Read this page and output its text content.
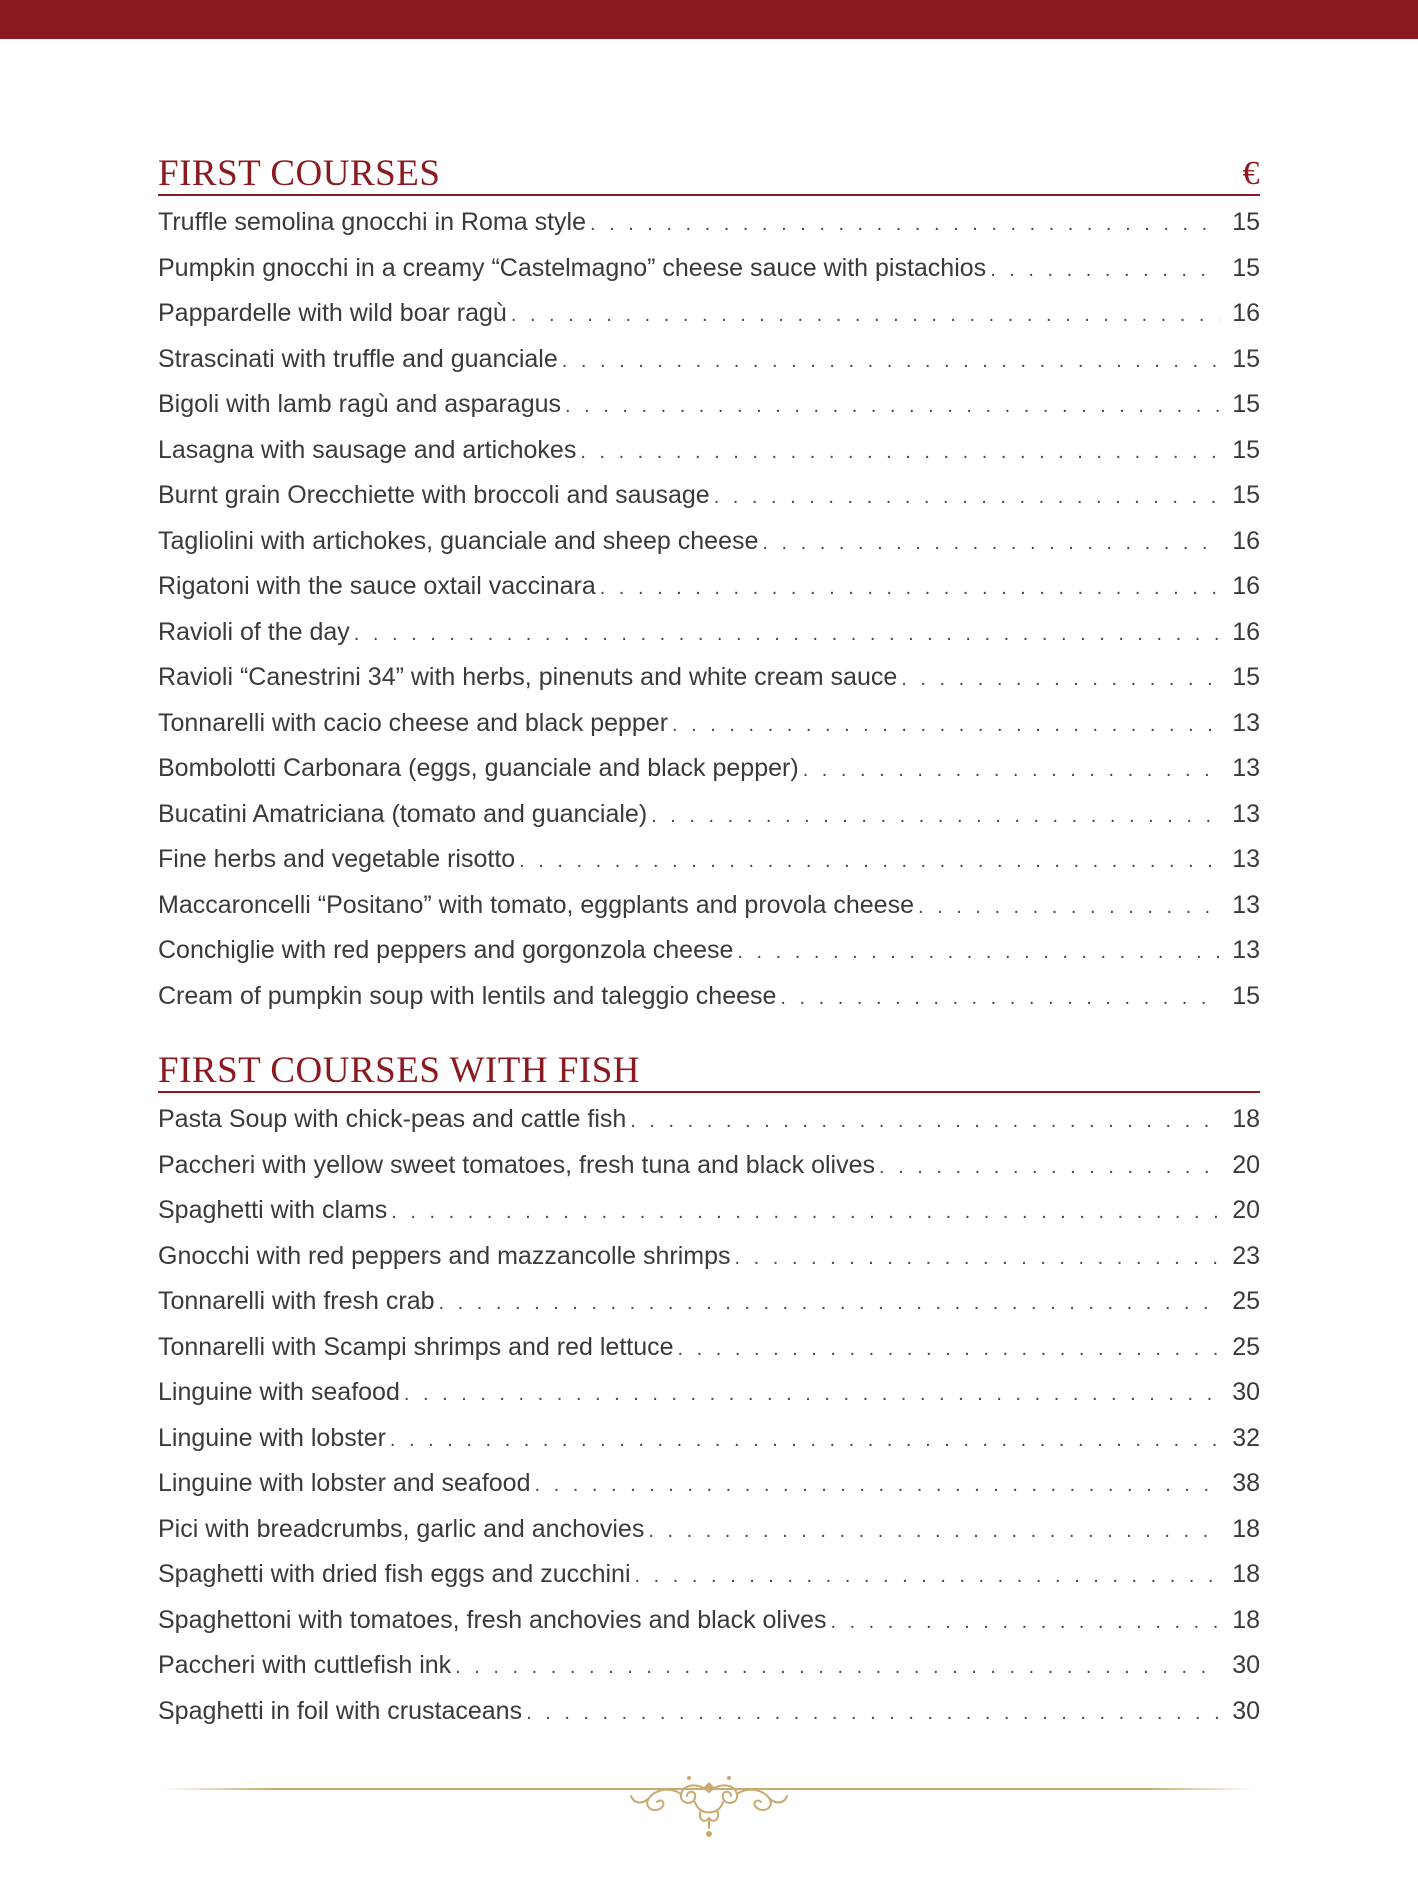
FIRST COURSES	€
Truffle semolina gnocchi in Roma style . . .	15
Pumpkin gnocchi in a creamy “Castelmagno” cheese sauce with pistachios . . .	15
Pappardelle with wild boar ragù . . .	16
Strascinati with truffle and guanciale . . .	15
Bigoli with lamb ragù and asparagus . . .	15
Lasagna with sausage and artichokes . . .	15
Burnt grain Orecchiette with broccoli and sausage . . .	15
Tagliolini with artichokes, guanciale and sheep cheese . . .	16
Rigatoni with the sauce oxtail vaccinara . . .	16
Ravioli of the day . . .	16
Ravioli “Canestrini 34” with herbs, pinenuts and white cream sauce . . .	15
Tonnarelli with cacio cheese and black pepper . . .	13
Bombolotti Carbonara (eggs, guanciale and black pepper) . . .	13
Bucatini Amatriciana (tomato and guanciale) . . .	13
Fine herbs and vegetable risotto . . .	13
Maccaroncelli “Positano” with tomato, eggplants and provola cheese . . .	13
Conchiglie with red peppers and gorgonzola cheese . . .	13
Cream of pumpkin soup with lentils and taleggio cheese . . .	15
FIRST COURSES WITH FISH
Pasta Soup with chick-peas and cattle fish . . .	18
Paccheri with yellow sweet tomatoes, fresh tuna and black olives . . .	20
Spaghetti with clams . . .	20
Gnocchi with red peppers and mazzancolle shrimps . . .	23
Tonnarelli with fresh crab . . .	25
Tonnarelli with Scampi shrimps and red lettuce . . .	25
Linguine with seafood . . .	30
Linguine with lobster . . .	32
Linguine with lobster and seafood . . .	38
Pici with breadcrumbs, garlic and anchovies . . .	18
Spaghetti with dried fish eggs and zucchini . . .	18
Spaghettoni with tomatoes, fresh anchovies and black olives . . .	18
Paccheri with cuttlefish ink . . .	30
Spaghetti in foil with crustaceans . . .	30
